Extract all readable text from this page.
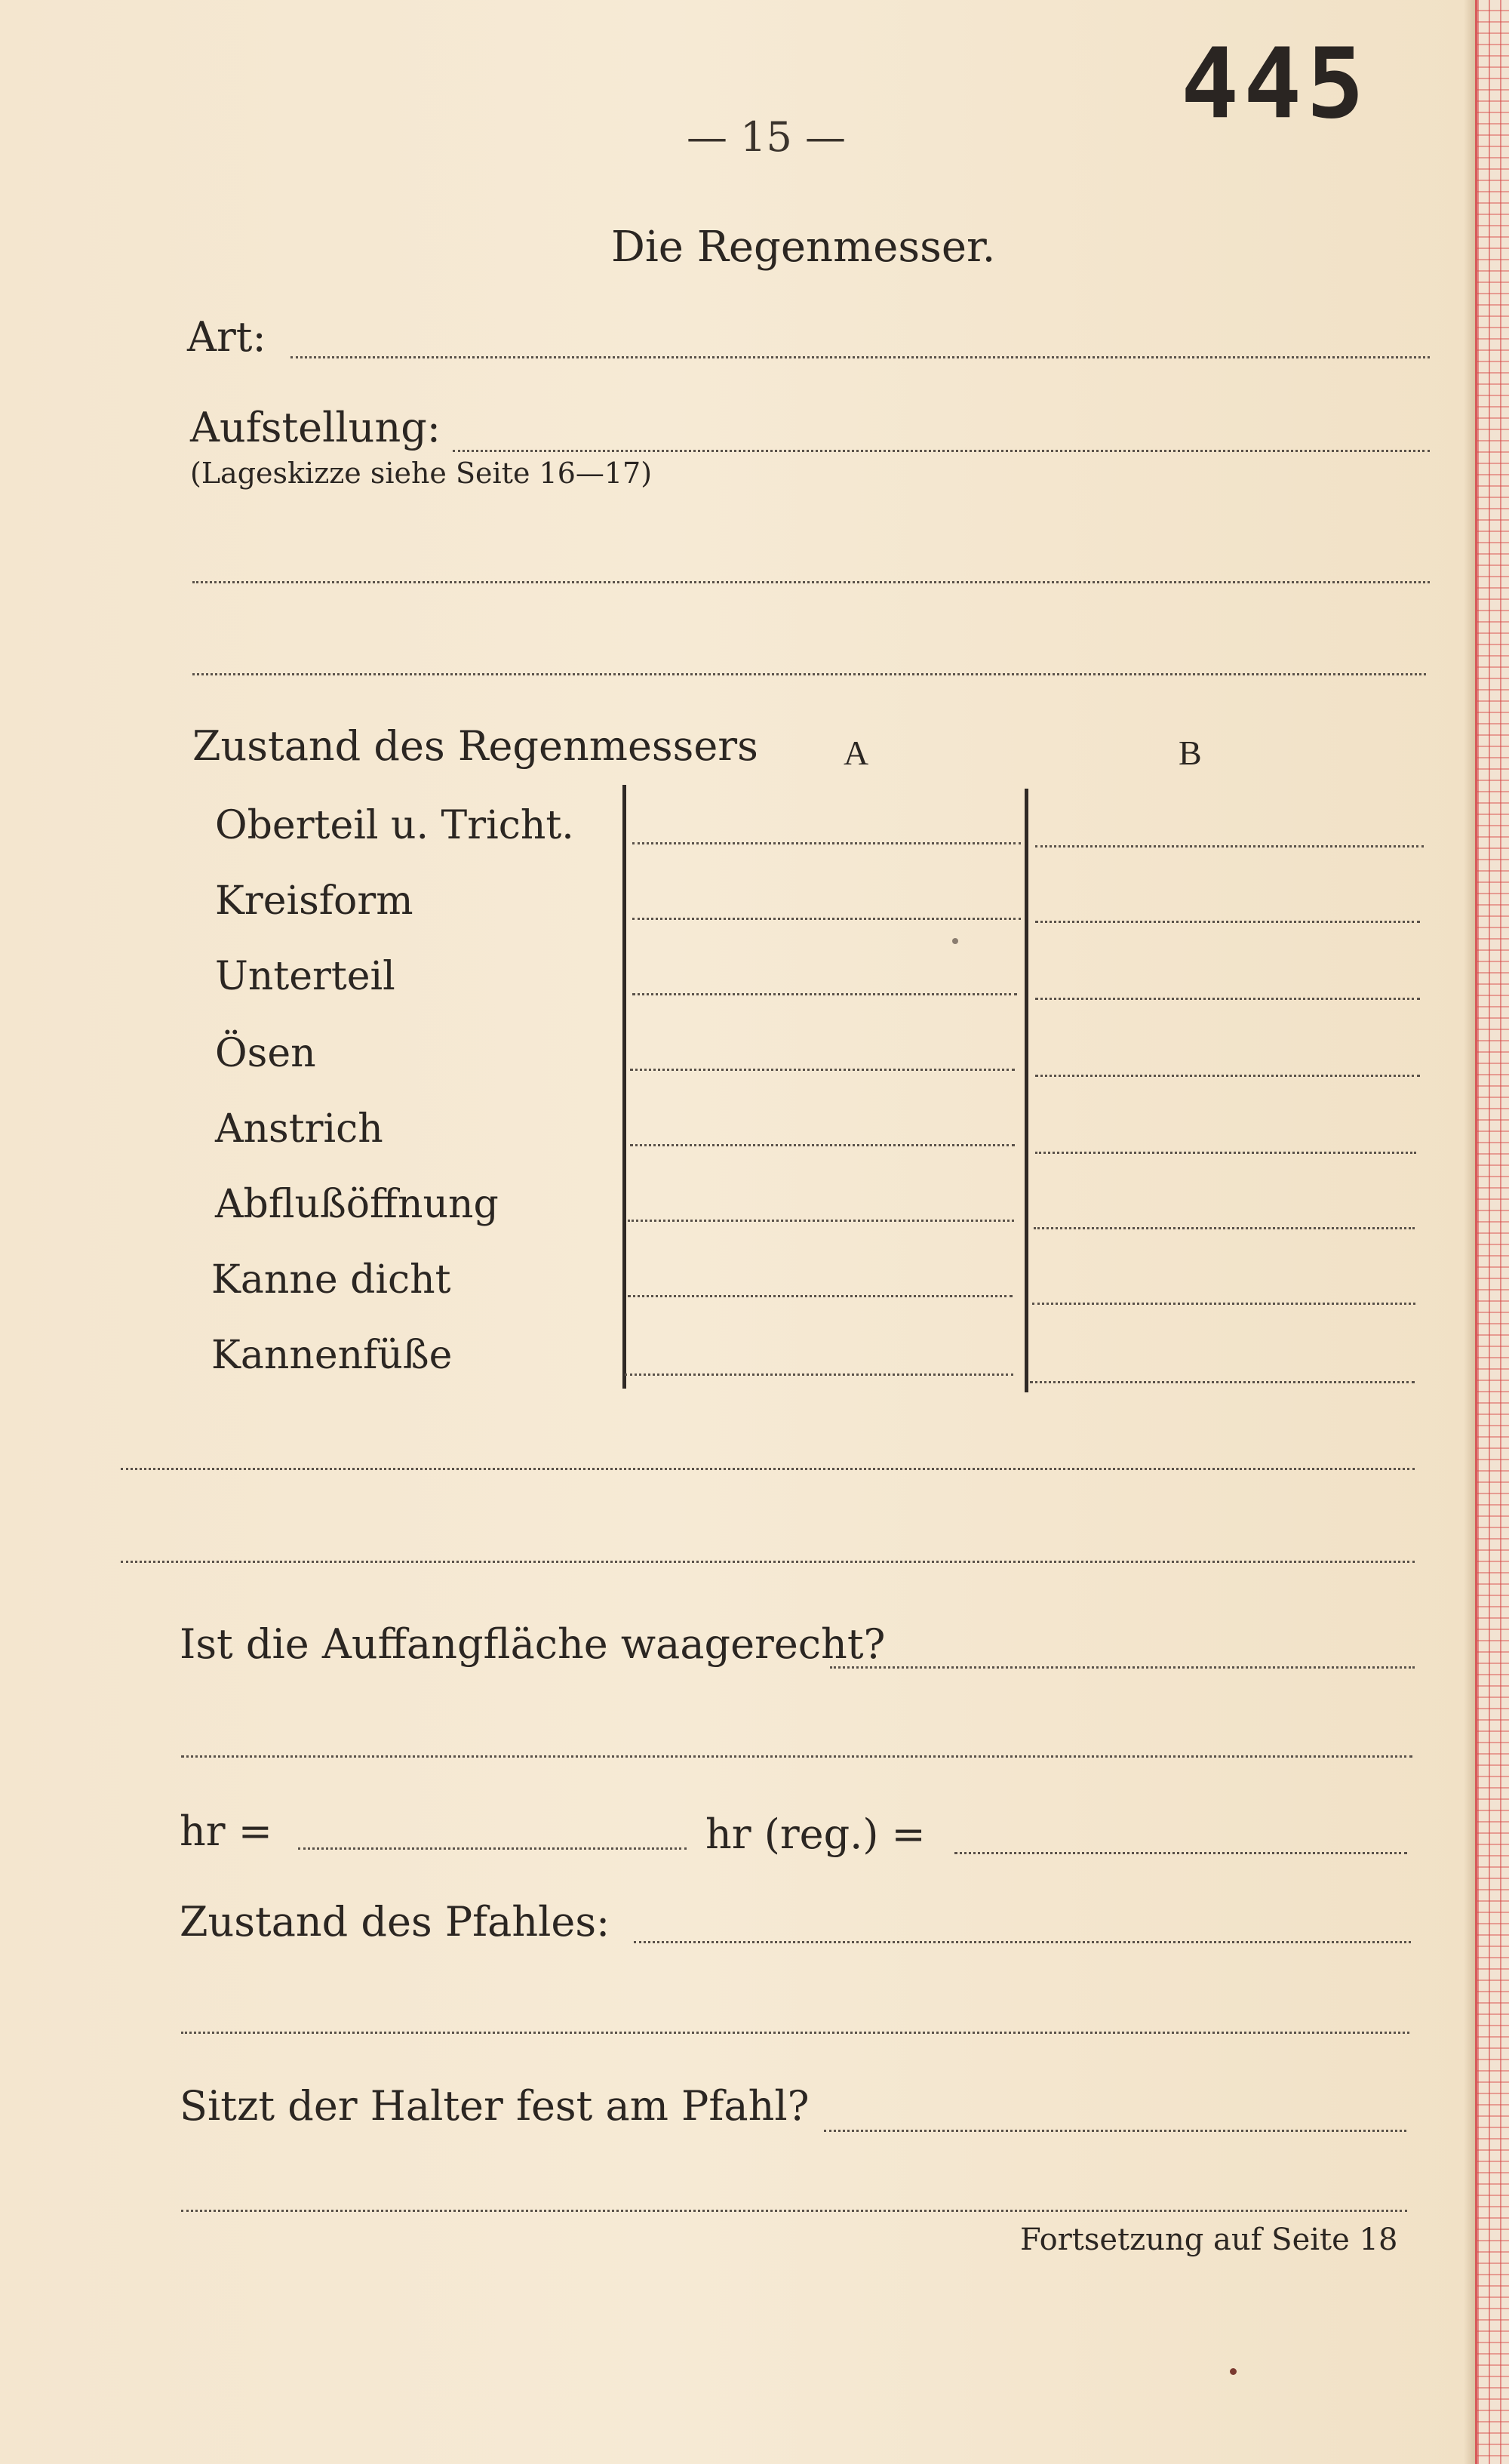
— 15 —	445
Die Regenmesser.
Art:
Aufstellung:
(Lageskizze siehe Seite 16—17)
Zustand des Regenmessers A	B
Oberteil u. Tricht.
Kreisform
Unterteil
Ösen
Anstrich
Abflußöffnung
Kanne dicht
Kannenfüße
Ist die Auffangfläche waagerecht?
hr =	hr (reg.) =
Zustand des Pfahles:
Sitzt der Halter fest am Pfahl?
Fortsetzung auf Seite 18
